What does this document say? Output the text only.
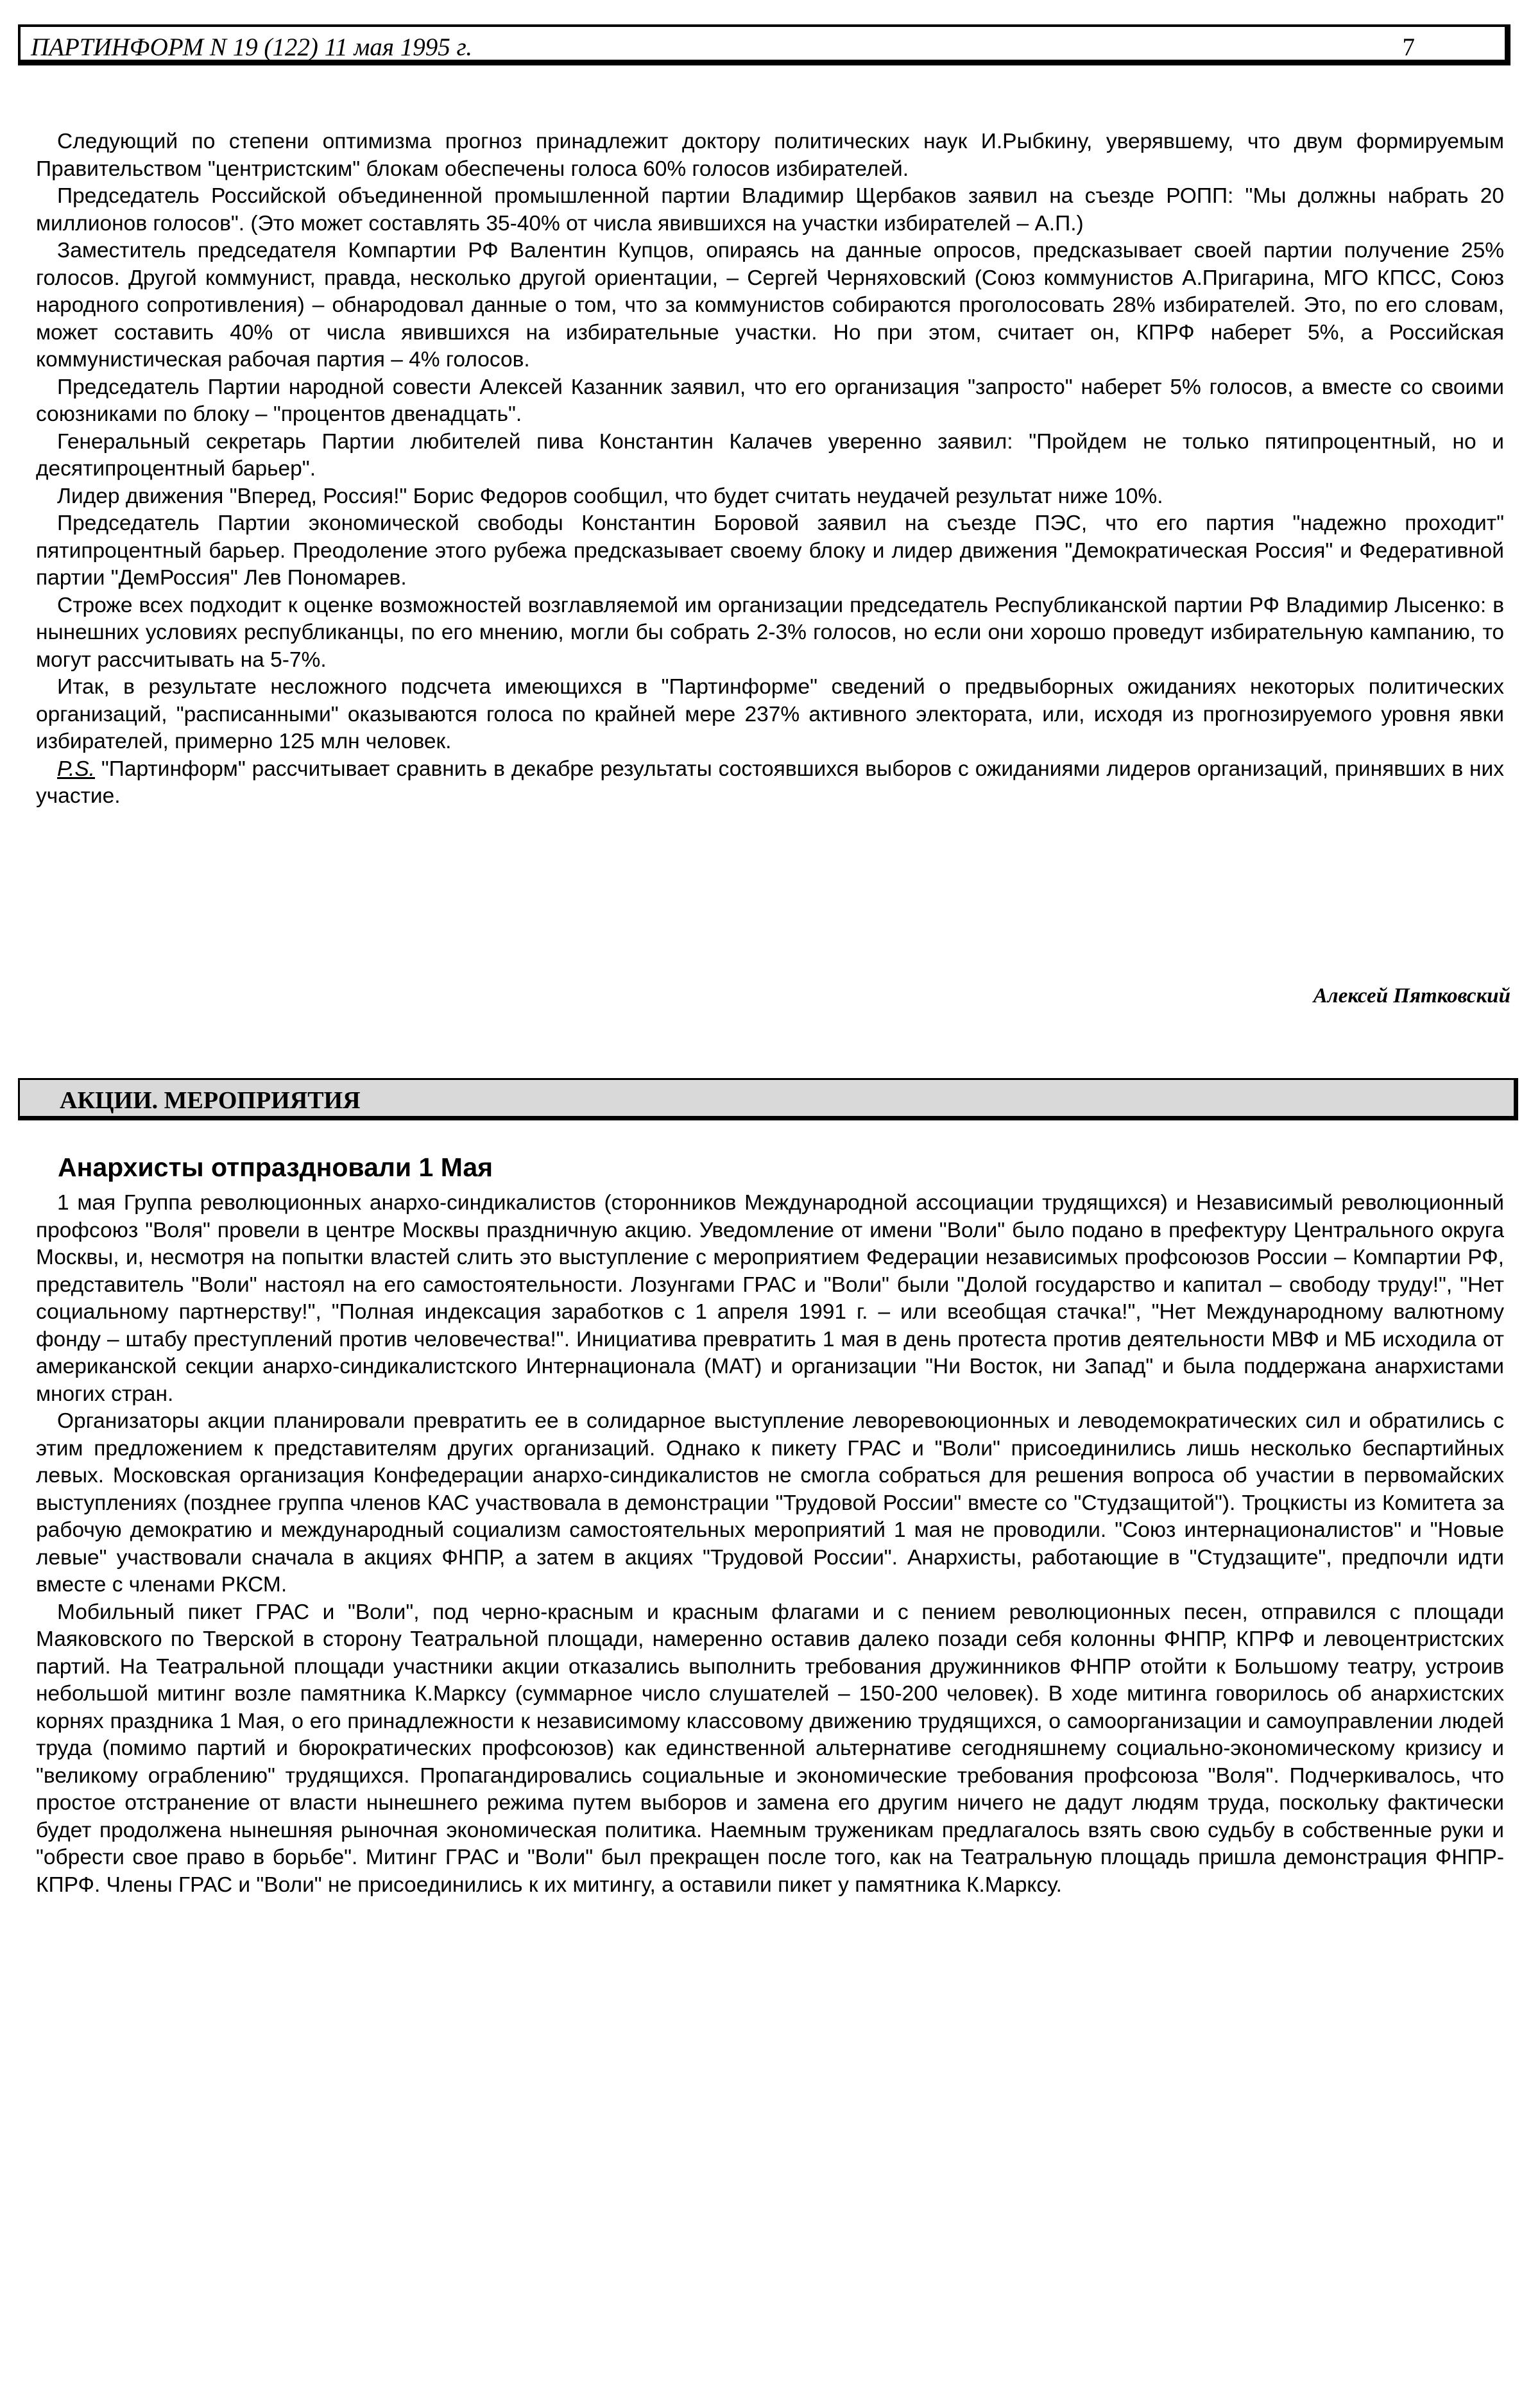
ПАРТИНФОРМ N 19 (122) 11 мая 1995 г.	7

Следующий по степени оптимизма прогноз принадлежит доктору политических наук И.Рыбкину, уверявшему, что двум формируемым Правительством "центристским" блокам обеспечены голоса 60% голосов избирателей.

Председатель Российской объединенной промышленной партии Владимир Щербаков заявил на съезде РОПП: "Мы должны набрать 20 миллионов голосов". (Это может составлять 35-40% от числа явившихся на участки избирателей – А.П.)

Заместитель председателя Компартии РФ Валентин Купцов, опираясь на данные опросов, предсказывает своей партии получение 25% голосов. Другой коммунист, правда, несколько другой ориентации, – Сергей Черняховский (Союз коммунистов А.Пригарина, МГО КПСС, Союз народного сопротивления) – обнародовал данные о том, что за коммунистов собираются проголосовать 28% избирателей. Это, по его словам, может составить 40% от числа явившихся на избирательные участки. Но при этом, считает он, КПРФ наберет 5%, а Российская коммунистическая рабочая партия – 4% голосов.

Председатель Партии народной совести Алексей Казанник заявил, что его организация "запросто" наберет 5% голосов, а вместе со своими союзниками по блоку – "процентов двенадцать".

Генеральный секретарь Партии любителей пива Константин Калачев уверенно заявил: "Пройдем не только пятипроцентный, но и десятипроцентный барьер".

Лидер движения "Вперед, Россия!" Борис Федоров сообщил, что будет считать неудачей результат ниже 10%.

Председатель Партии экономической свободы Константин Боровой заявил на съезде ПЭС, что его партия "надежно проходит" пятипроцентный барьер. Преодоление этого рубежа предсказывает своему блоку и лидер движения "Демократическая Россия" и Федеративной партии "ДемРоссия" Лев Пономарев.

Строже всех подходит к оценке возможностей возглавляемой им организации председатель Республиканской партии РФ Владимир Лысенко: в нынешних условиях республиканцы, по его мнению, могли бы собрать 2-3% голосов, но если они хорошо проведут избирательную кампанию, то могут рассчитывать на 5-7%.

Итак, в результате несложного подсчета имеющихся в "Партинформе" сведений о предвыборных ожиданиях некоторых политических организаций, "расписанными" оказываются голоса по крайней мере 237% активного электората, или, исходя из прогнозируемого уровня явки избирателей, примерно 125 млн человек.

P.S. "Партинформ" рассчитывает сравнить в декабре результаты состоявшихся выборов с ожиданиями лидеров организаций, принявших в них участие.

Алексей Пятковский
АКЦИИ. МЕРОПРИЯТИЯ
Анархисты отпраздновали 1 Мая

1 мая Группа революционных анархо-синдикалистов (сторонников Международной ассоциации трудящихся) и Независимый революционный профсоюз "Воля" провели в центре Москвы праздничную акцию. Уведомление от имени "Воли" было подано в префектуру Центрального округа Москвы, и, несмотря на попытки властей слить это выступление с мероприятием Федерации независимых профсоюзов России – Компартии РФ, представитель "Воли" настоял на его самостоятельности. Лозунгами ГРАС и "Воли" были "Долой государство и капитал – свободу труду!", "Нет социальному партнерству!", "Полная индексация заработков с 1 апреля 1991 г. – или всеобщая стачка!", "Нет Международному валютному фонду – штабу преступлений против человечества!". Инициатива превратить 1 мая в день протеста против деятельности МВФ и МБ исходила от американской секции анархо-синдикалистского Интернационала (МАТ) и организации "Ни Восток, ни Запад" и была поддержана анархистами многих стран.

Организаторы акции планировали превратить ее в солидарное выступление леворевоюционных и леводемократических сил и обратились с этим предложением к представителям других организаций. Однако к пикету ГРАС и "Воли" присоединились лишь несколько беспартийных левых. Московская организация Конфедерации анархо-синдикалистов не смогла собраться для решения вопроса об участии в первомайских выступлениях (позднее группа членов КАС участвовала в демонстрации "Трудовой России" вместе со "Студзащитой"). Троцкисты из Комитета за рабочую демократию и международный социализм самостоятельных мероприятий 1 мая не проводили. "Союз интернационалистов" и "Новые левые" участвовали сначала в акциях ФНПР, а затем в акциях "Трудовой России". Анархисты, работающие в "Студзащите", предпочли идти вместе с членами РКСМ.

Мобильный пикет ГРАС и "Воли", под черно-красным и красным флагами и с пением революционных песен, отправился с площади Маяковского по Тверской в сторону Театральной площади, намеренно оставив далеко позади себя колонны ФНПР, КПРФ и левоцентристских партий. На Театральной площади участники акции отказались выполнить требования дружинников ФНПР отойти к Большому театру, устроив небольшой митинг возле памятника К.Марксу (суммарное число слушателей – 150-200 человек). В ходе митинга говорилось об анархистских корнях праздника 1 Мая, о его принадлежности к независимому классовому движению трудящихся, о самоорганизации и самоуправлении людей труда (помимо партий и бюрократических профсоюзов) как единственной альтернативе сегодняшнему социально-экономическому кризису и "великому ограблению" трудящихся. Пропагандировались социальные и экономические требования профсоюза "Воля". Подчеркивалось, что простое отстранение от власти нынешнего режима путем выборов и замена его другим ничего не дадут людям труда, поскольку фактически будет продолжена нынешняя рыночная экономическая политика. Наемным труженикам предлагалось взять свою судьбу в собственные руки и "обрести свое право в борьбе". Митинг ГРАС и "Воли" был прекращен после того, как на Театральную площадь пришла демонстрация ФНПР-КПРФ. Члены ГРАС и "Воли" не присоединились к их митингу, а оставили пикет у памятника К.Марксу.
